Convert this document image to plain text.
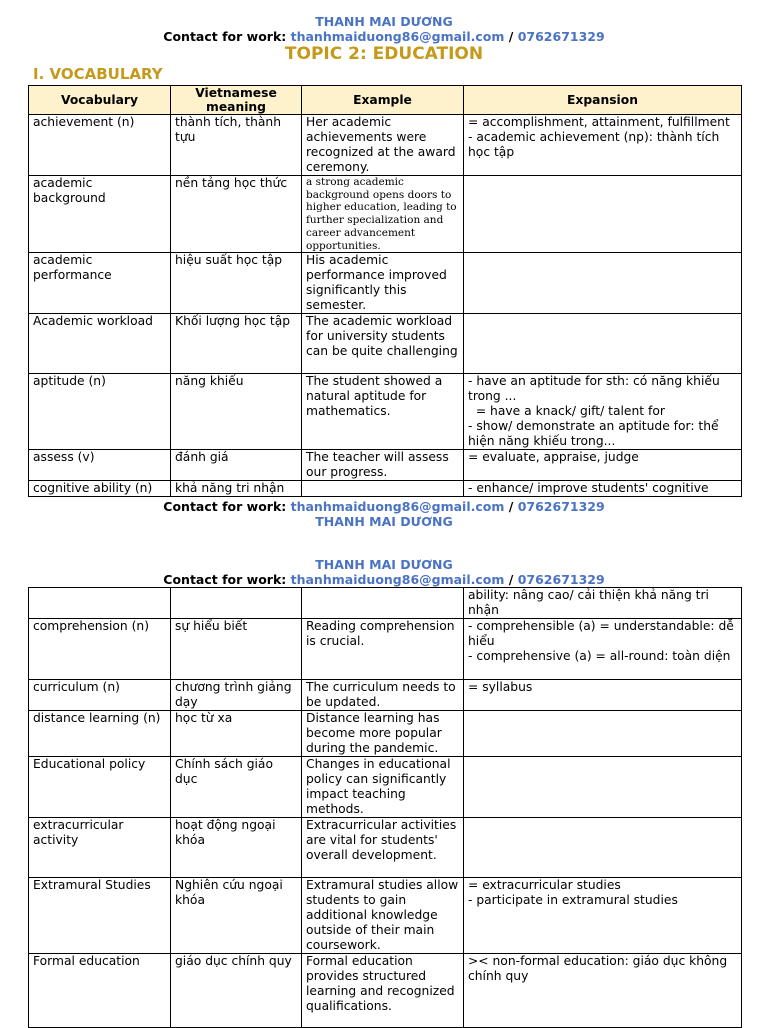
THANH MAI DƯƠNG
Contact for work: thanhmaiduong86@gmail.com / 0762671329
TOPIC 2: EDUCATION
I. VOCABULARY
Vocabulary	Vietnamese meaning	Example	Expansion
achievement (n)	thành tích, thành tựu	Her academic achievements were recognized at the award ceremony.	= accomplishment, attainment, fulfillment
- academic achievement (np): thành tích học tập

academic background	nền tảng học thức	a strong academic background opens doors to higher education, leading to further specialization and career advancement opportunities.	
academic performance	hiệu suất học tập	His academic performance improved significantly this semester.	
Academic workload	Khối lượng học tập	The academic workload for university students can be quite challenging	
aptitude (n)	năng khiếu	The student showed a natural aptitude for mathematics.	- have an aptitude for sth: có năng khiếu trong ...
= have a knack/ gift/ talent for
- show/ demonstrate an aptitude for: thể hiện năng khiếu trong...

assess (v)	đánh giá	The teacher will assess our progress.	= evaluate, appraise, judge

cognitive ability (n)	khả năng tri nhận		- enhance/ improve students' cognitive
Contact for work: thanhmaiduong86@gmail.com / 0762671329
THANH MAI DƯƠNG
THANH MAI DƯƠNG
Contact for work: thanhmaiduong86@gmail.com / 0762671329

			ability: nâng cao/ cải thiện khả năng tri nhận

comprehension (n)	sự hiểu biết	Reading comprehension is crucial.	- comprehensible (a) = understandable: dễ hiểu
- comprehensive (a) = all-round: toàn diện

curriculum (n)	chương trình giảng dạy	The curriculum needs to be updated.	= syllabus

distance learning (n)	học từ xa	Distance learning has become more popular during the pandemic.	
Educational policy	Chính sách giáo dục	Changes in educational policy can significantly impact teaching methods.	
extracurricular activity	hoạt động ngoại khóa	Extracurricular activities are vital for students' overall development.	
Extramural Studies	Nghiên cứu ngoại khóa	Extramural studies allow students to gain additional knowledge outside of their main coursework.	= extracurricular studies
- participate in extramural studies

Formal education	giáo dục chính quy	Formal education provides structured learning and recognized qualifications.	>< non-formal education: giáo dục không chính quy
